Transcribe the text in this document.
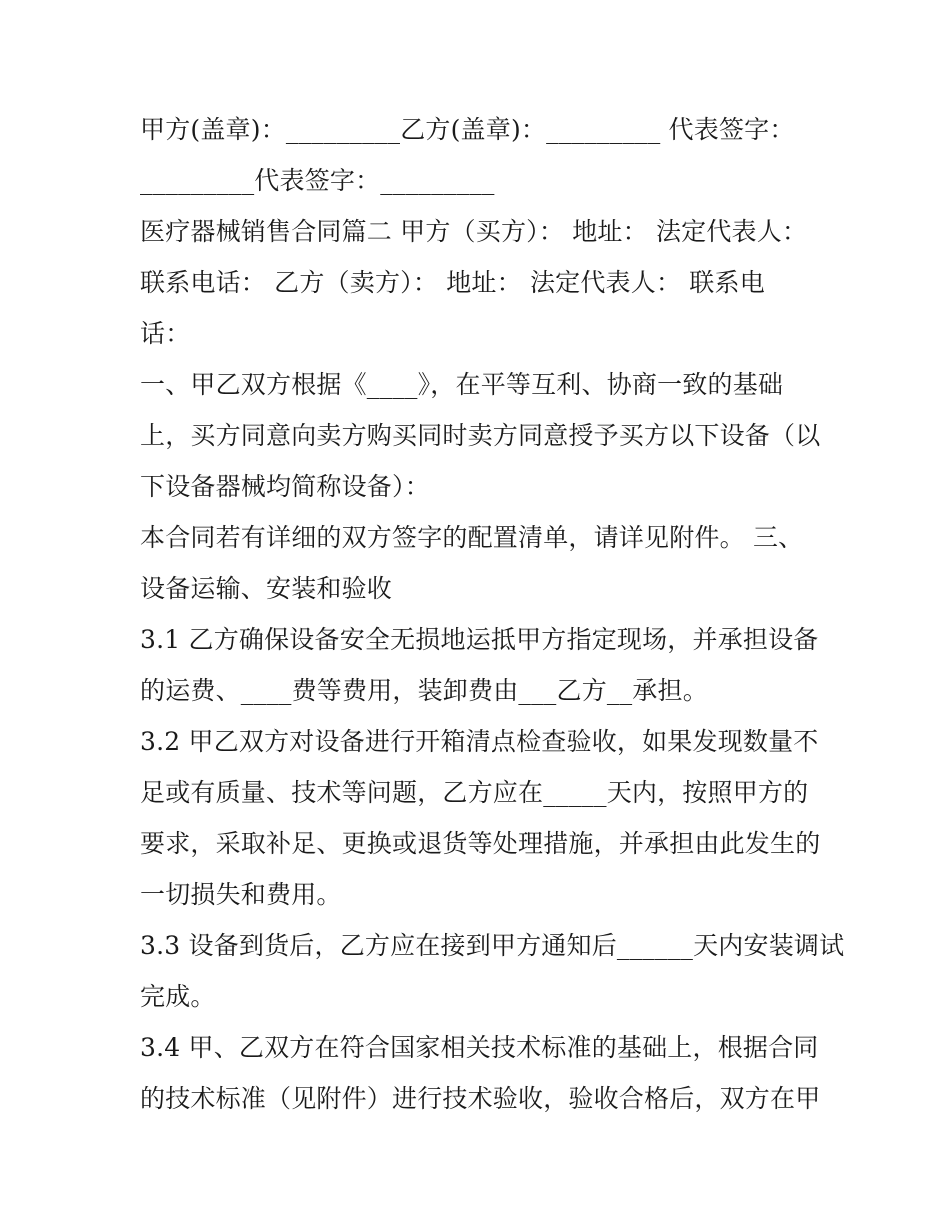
甲方(盖章)：_________乙方(盖章)：_________ 代表签字：
_________代表签字：_________
医疗器械销售合同篇二 甲方（买方）： 地址： 法定代表人：
联系电话： 乙方（卖方）： 地址： 法定代表人： 联系电
话：
一、甲乙双方根据《____》，在平等互利、协商一致的基础
上，买方同意向卖方购买同时卖方同意授予买方以下设备（以
下设备器械均简称设备）：
本合同若有详细的双方签字的配置清单，请详见附件。 三、
设备运输、安装和验收
3.1 乙方确保设备安全无损地运抵甲方指定现场，并承担设备
的运费、____费等费用，装卸费由___乙方__承担。
3.2 甲乙双方对设备进行开箱清点检查验收，如果发现数量不
足或有质量、技术等问题，乙方应在_____天内，按照甲方的
要求，采取补足、更换或退货等处理措施，并承担由此发生的
一切损失和费用。
3.3 设备到货后，乙方应在接到甲方通知后______天内安装调试
完成。
3.4 甲、乙双方在符合国家相关技术标准的基础上，根据合同
的技术标准（见附件）进行技术验收，验收合格后，双方在甲
